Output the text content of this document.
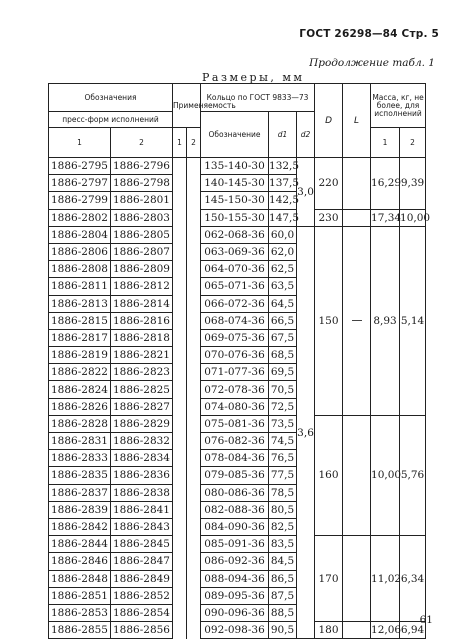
ГОСТ 26298—84 Стр. 5
Продолжение табл. 1
Размеры, мм
Обозначения		Применяемость		Кольцо по ГОСТ 9833—73			D	L	Масса, кг, не более, для исполнений	
пресс-форм исполнений				Обозначение	d1	d2				
1	2	1	2						1	2
1886-2795	1886-2796			135-140-30	132,5	3,0	220		16,29	9,39
1886-2797	1886-2798			140-145-30	137,5					
1886-2799	1886-2801			145-150-30	142,5					
1886-2802	1886-2803			150-155-30	147,5		230		17,34	10,00
1886-2804	1886-2805			062-068-36	60,0	3,6	150		8,93	5,14
1886-2806	1886-2807			063-069-36	62,0					
1886-2808	1886-2809			064-070-36	62,5					
1886-2811	1886-2812			065-071-36	63,5					
1886-2813	1886-2814			066-072-36	64,5					
1886-2815	1886-2816			068-074-36	66,5					
1886-2817	1886-2818			069-075-36	67,5					
1886-2819	1886-2821			070-076-36	68,5					
1886-2822	1886-2823			071-077-36	69,5					
1886-2824	1886-2825			072-078-36	70,5					
1886-2826	1886-2827			074-080-36	72,5					
1886-2828	1886-2829			075-081-36	73,5		160		10,00	5,76
1886-2831	1886-2832			076-082-36	74,5					
1886-2833	1886-2834			078-084-36	76,5					
1886-2835	1886-2836			079-085-36	77,5					
1886-2837	1886-2838			080-086-36	78,5					
1886-2839	1886-2841			082-088-36	80,5					
1886-2842	1886-2843			084-090-36	82,5					
1886-2844	1886-2845			085-091-36	83,5		170		11,02	6,34
1886-2846	1886-2847			086-092-36	84,5					
1886-2848	1886-2849			088-094-36	86,5					
1886-2851	1886-2852			089-095-36	87,5					
1886-2853	1886-2854			090-096-36	88,5					
1886-2855	1886-2856			092-098-36	90,5		180		12,06	6,94
61
